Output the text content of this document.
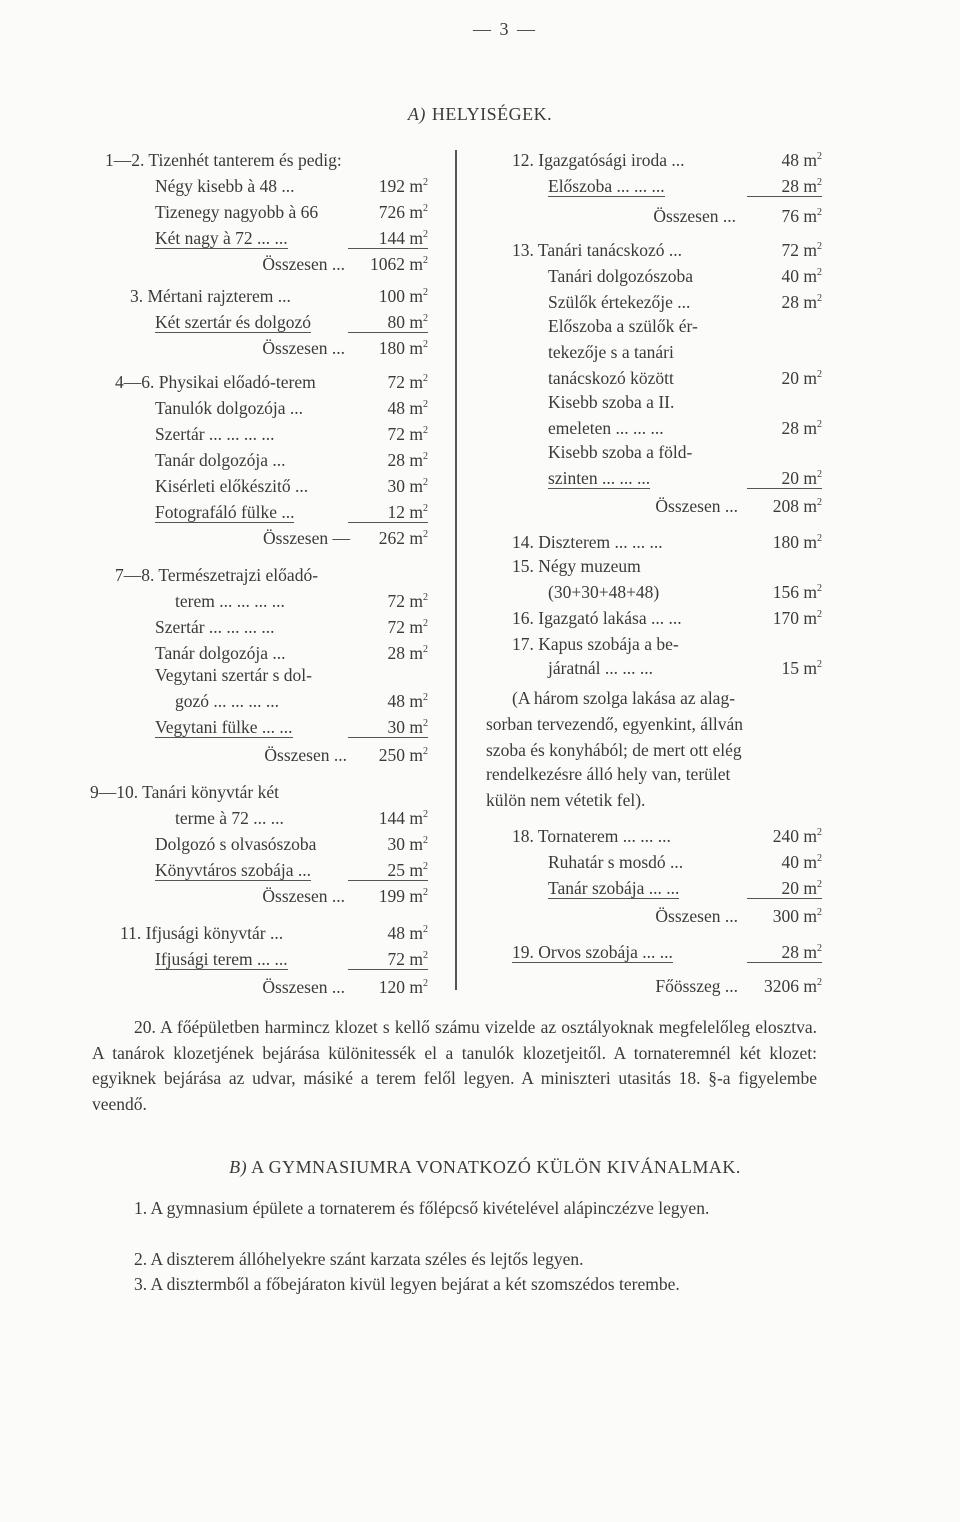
— 3 —
A) HELYISÉGEK.
1—2. Tizenhét tanterem és pedig:
Négy kisebb à 48 ...	192 $m^2$
Tizenegy nagyobb à 66	726 $m^2$
Két nagy à 72 ... ...	144 $m^2$
Összesen ...	1062 $m^2$
3. Mértani rajzterem ...	100 $m^2$
Két szertár és dolgozó	80 $m^2$
Összesen ...	180 $m^2$
4—6. Physikai előadó-terem	72 $m^2$
Tanulók dolgozója ...	48 $m^2$
Szertár ... ... ... ...	72 $m^2$
Tanár dolgozója ...	28 $m^2$
Kisérleti előkészitő ...	30 $m^2$
Fotografáló fülke ...	12 $m^2$
Összesen —	262 $m^2$
7—8. Természetrajzi előadó-
terem ... ... ... ...	72 $m^2$
Szertár ... ... ... ...	72 $m^2$
Tanár dolgozója ...	28 $m^2$
Vegytani szertár s dol-
gozó ... ... ... ...	48 $m^2$
Vegytani fülke ... ...	30 $m^2$
Összesen ...	250 $m^2$
9—10. Tanári könyvtár két
terme à 72 ... ...	144 $m^2$
Dolgozó s olvasószoba	30 $m^2$
Könyvtáros szobája ...	25 $m^2$
Összesen ...	199 $m^2$
11. Ifjusági könyvtár ...	48 $m^2$
Ifjusági terem ... ...	72 $m^2$
Összesen ...	120 $m^2$
12. Igazgatósági iroda ...	48 $m^2$
Előszoba ... ... ...	28 $m^2$
Összesen ...	76 $m^2$
13. Tanári tanácskozó ...	72 $m^2$
Tanári dolgozószoba	40 $m^2$
Szülők értekezője ...	28 $m^2$
Előszoba a szülők ér-
tekezője s a tanári
tanácskozó között	20 $m^2$
Kisebb szoba a II.
emeleten ... ... ...	28 $m^2$
Kisebb szoba a föld-
szinten ... ... ...	20 $m^2$
Összesen ...	208 $m^2$
14. Diszterem ... ... ...	180 $m^2$
15. Négy muzeum
(30+30+48+48)	156 $m^2$
16. Igazgató lakása ... ...	170 $m^2$
17. Kapus szobája a be-
járatnál ... ... ...	15 $m^2$
(A három szolga lakása az alag-
sorban tervezendő, egyenkint, állván
szoba és konyhából; de mert ott elég
rendelkezésre álló hely van, terület
külön nem vétetik fel).
18. Tornaterem ... ... ...	240 $m^2$
Ruhatár s mosdó ...	40 $m^2$
Tanár szobája ... ...	20 $m^2$
Összesen ...	300 $m^2$
19. Orvos szobája ... ...	28 $m^2$
Főösszeg ...	3206 $m^2$
20. A főépületben harmincz klozet s kellő számu vizelde az osztályoknak megfelelőleg elosztva. A tanárok klozetjének bejárása különitessék el a tanulók klozetjeitől. A tornateremnél két klozet: egyiknek bejárása az udvar, másiké a terem felől legyen. A miniszteri utasitás 18. §-a figyelembe veendő.
B) A GYMNASIUMRA VONATKOZÓ KÜLÖN KIVÁNALMAK.
1. A gymnasium épülete a tornaterem és főlépcső kivételével alápinczézve legyen.
2. A diszterem állóhelyekre szánt karzata széles és lejtős legyen.
3. A disztermből a főbejáraton kivül legyen bejárat a két szomszédos terembe.
